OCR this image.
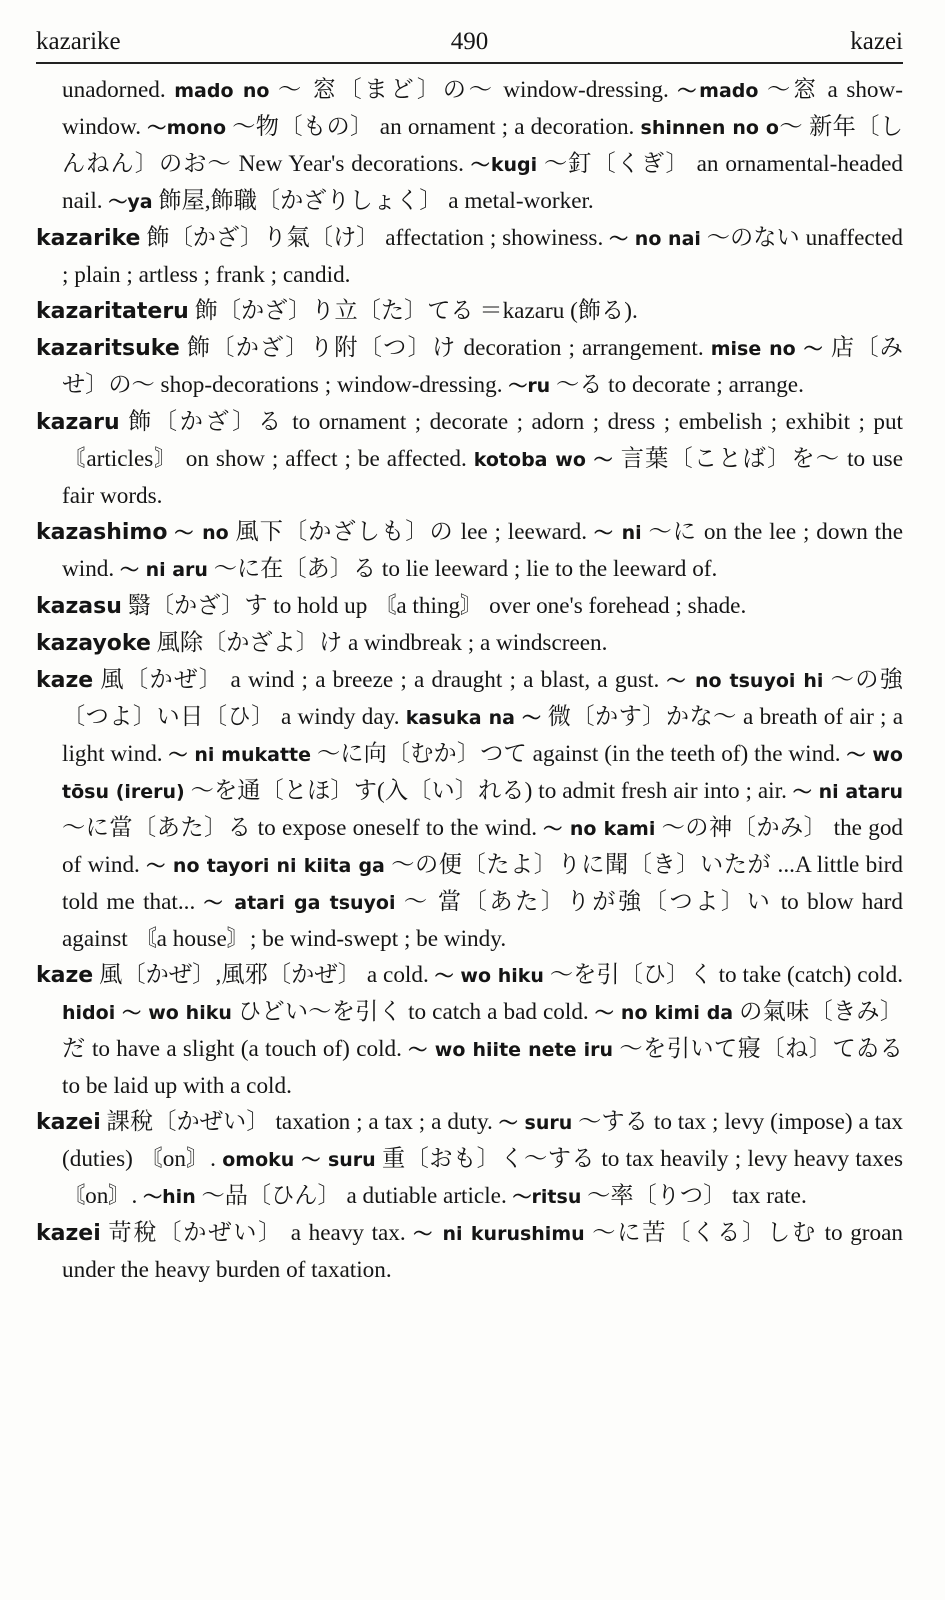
kazarike	490	kazei
unadorned. mado no ～ 窓〔まど〕の～ window-dressing. ～mado ～窓 a show-window. ～mono ～物〔もの〕 an ornament ; a decoration. shinnen no o～ 新年〔しんねん〕のお～ New Year's decorations. ～kugi ～釘〔くぎ〕 an ornamental-headed nail. ～ya 飾屋,飾職〔かざりしょく〕 a metal-worker.
kazarike 飾〔かざ〕り氣〔け〕 affectation ; showiness. ～ no nai ～のない unaffected ; plain ; artless ; frank ; candid.
kazaritateru 飾〔かざ〕り立〔た〕てる ＝kazaru (飾る).
kazaritsuke 飾〔かざ〕り附〔つ〕け decoration ; arrangement. mise no ～ 店〔みせ〕の～ shop-decorations ; window-dressing. ～ru ～る to decorate ; arrange.
kazaru 飾〔かざ〕る to ornament ; decorate ; adorn ; dress ; embelish ; exhibit ; put 〘articles〙 on show ; affect ; be affected. kotoba wo ～ 言葉〔ことば〕を～ to use fair words.
kazashimo ～ no 風下〔かざしも〕の lee ; leeward. ～ ni ～に on the lee ; down the wind. ～ ni aru ～に在〔あ〕る to lie leeward ; lie to the leeward of.
kazasu 翳〔かざ〕す to hold up 〘a thing〙 over one's forehead ; shade.
kazayoke 風除〔かざよ〕け a windbreak ; a windscreen.
kaze 風〔かぜ〕 a wind ; a breeze ; a draught ; a blast, a gust. ～ no tsuyoi hi ～の強〔つよ〕い日〔ひ〕 a windy day. kasuka na ～ 微〔かす〕かな～ a breath of air ; a light wind. ～ ni mukatte ～に向〔むか〕つて against (in the teeth of) the wind. ～ wo tōsu (ireru) ～を通〔とほ〕す(入〔い〕れる) to admit fresh air into ; air. ～ ni ataru ～に當〔あた〕る to expose oneself to the wind. ～ no kami ～の神〔かみ〕 the god of wind. ～ no tayori ni kiita ga ～の便〔たよ〕りに聞〔き〕いたが ...A little bird told me that... ～ atari ga tsuyoi ～ 當〔あた〕りが強〔つよ〕い to blow hard against 〘a house〙; be wind-swept ; be windy.
kaze 風〔かぜ〕,風邪〔かぜ〕 a cold. ～ wo hiku ～を引〔ひ〕く to take (catch) cold. hidoi ～ wo hiku ひどい～を引く to catch a bad cold. ～ no kimi da の氣味〔きみ〕だ to have a slight (a touch of) cold. ～ wo hiite nete iru ～を引いて寢〔ね〕てゐる to be laid up with a cold.
kazei 課稅〔かぜい〕 taxation ; a tax ; a duty. ～ suru ～する to tax ; levy (impose) a tax (duties) 〘on〙. omoku ～ suru 重〔おも〕く～する to tax heavily ; levy heavy taxes 〘on〙. ～hin ～品〔ひん〕 a dutiable article. ～ritsu ～率〔りつ〕 tax rate.
kazei 苛稅〔かぜい〕 a heavy tax. ～ ni kurushimu ～に苦〔くる〕しむ to groan under the heavy burden of taxation.
